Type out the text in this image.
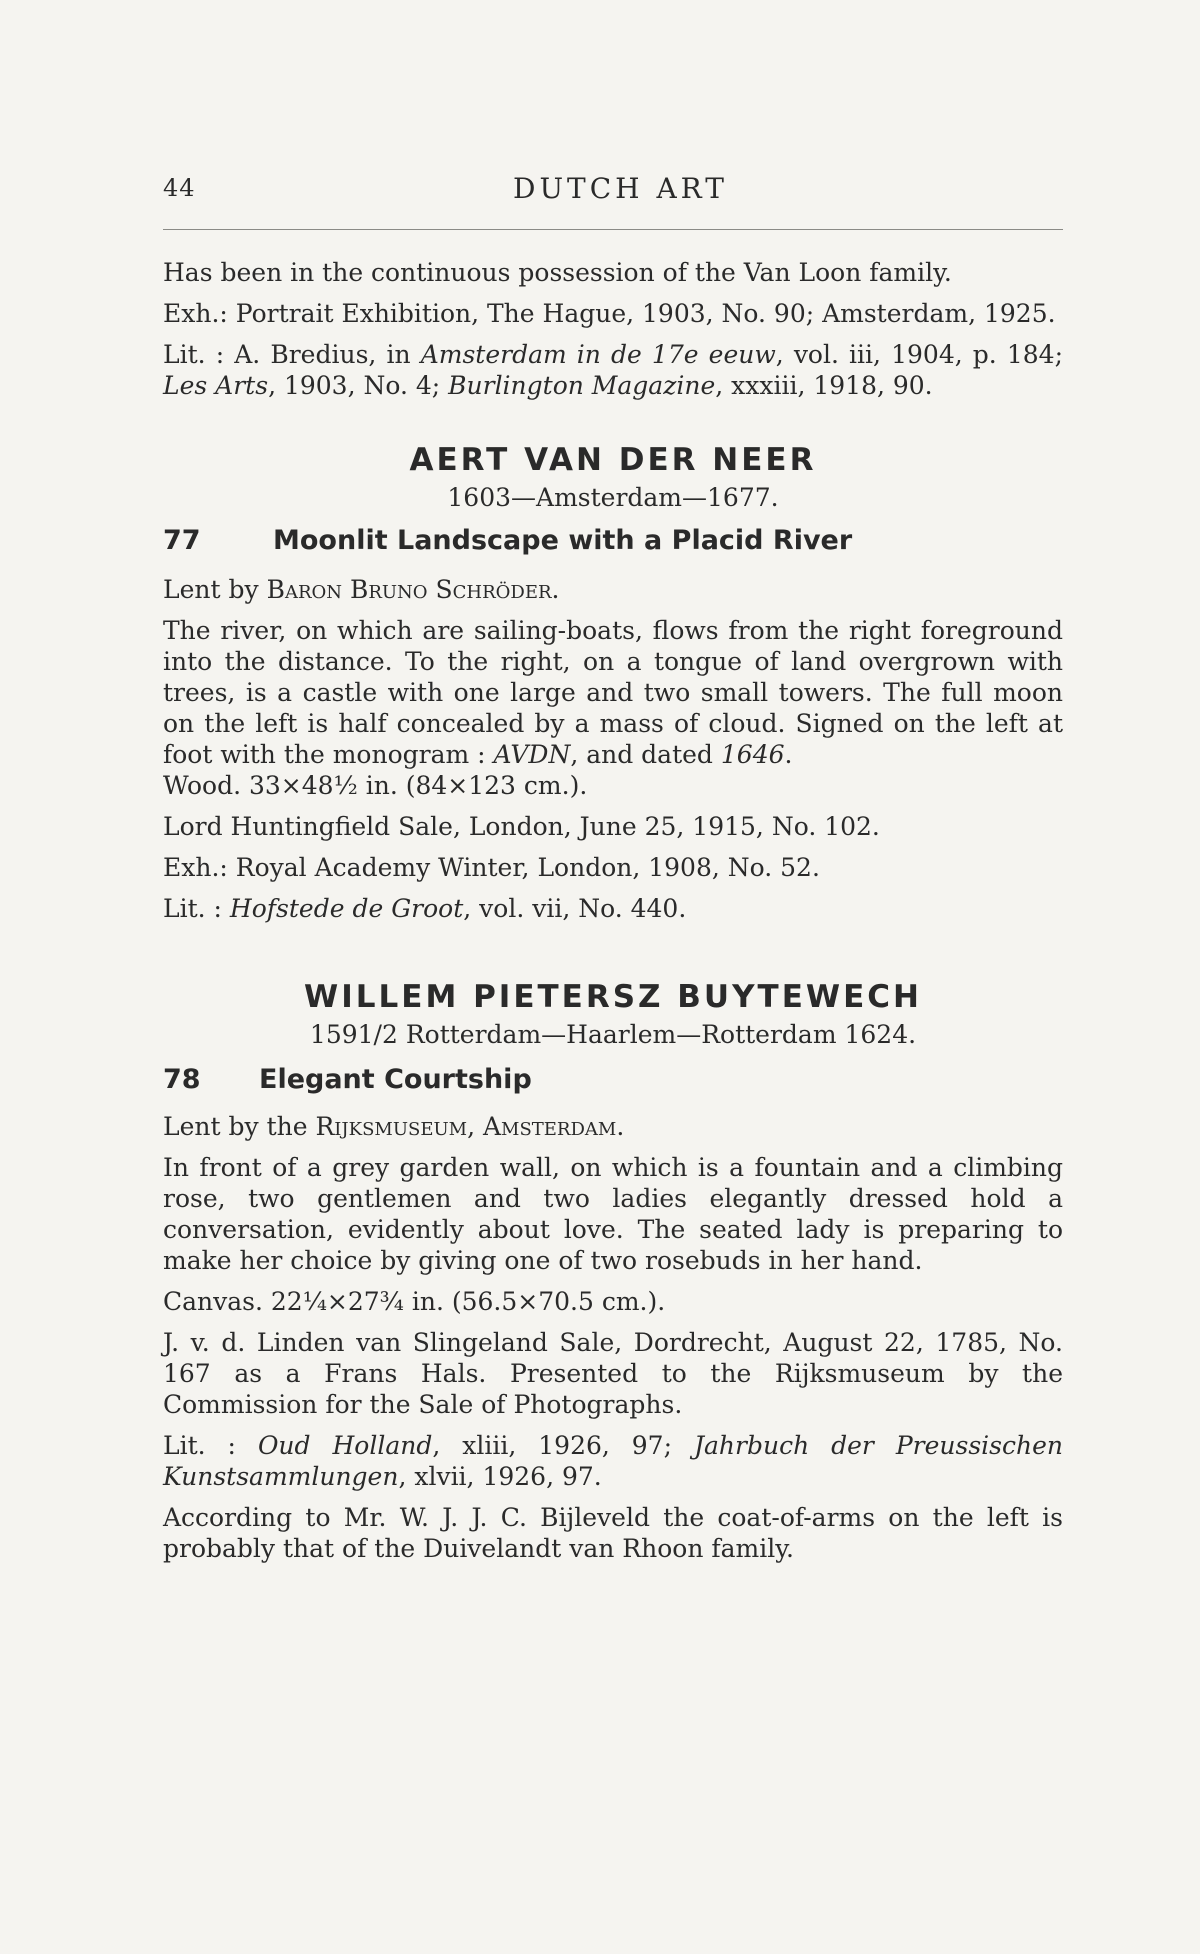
44	DUTCH ART

Has been in the continuous possession of the Van Loon family.

Exh.: Portrait Exhibition, The Hague, 1903, No. 90; Amsterdam, 1925.

Lit. : A. Bredius, in Amsterdam in de 17e eeuw, vol. iii, 1904, p. 184; Les Arts, 1903, No. 4; Burlington Magazine, xxxiii, 1918, 90.

AERT VAN DER NEER

1603—Amsterdam—1677.

77	Moonlit Landscape with a Placid River

Lent by Baron Bruno Schröder.

The river, on which are sailing-boats, flows from the right foreground into the distance. To the right, on a tongue of land overgrown with trees, is a castle with one large and two small towers. The full moon on the left is half concealed by a mass of cloud. Signed on the left at foot with the monogram : AVDN, and dated 1646.

Wood. 33×48½ in. (84×123 cm.).

Lord Huntingfield Sale, London, June 25, 1915, No. 102.

Exh.: Royal Academy Winter, London, 1908, No. 52.

Lit. : Hofstede de Groot, vol. vii, No. 440.

WILLEM PIETERSZ BUYTEWECH

1591/2 Rotterdam—Haarlem—Rotterdam 1624.

78 Elegant Courtship

Lent by the Rijksmuseum, Amsterdam.

In front of a grey garden wall, on which is a fountain and a climbing rose, two gentlemen and two ladies elegantly dressed hold a conversation, evidently about love. The seated lady is preparing to make her choice by giving one of two rosebuds in her hand.

Canvas. 22¼×27¾ in. (56.5×70.5 cm.).

J. v. d. Linden van Slingeland Sale, Dordrecht, August 22, 1785, No. 167 as a Frans Hals. Presented to the Rijksmuseum by the Commission for the Sale of Photographs.

Lit. : Oud Holland, xliii, 1926, 97; Jahrbuch der Preussischen Kunstsammlungen, xlvii, 1926, 97.

According to Mr. W. J. J. C. Bijleveld the coat-of-arms on the left is probably that of the Duivelandt van Rhoon family.
